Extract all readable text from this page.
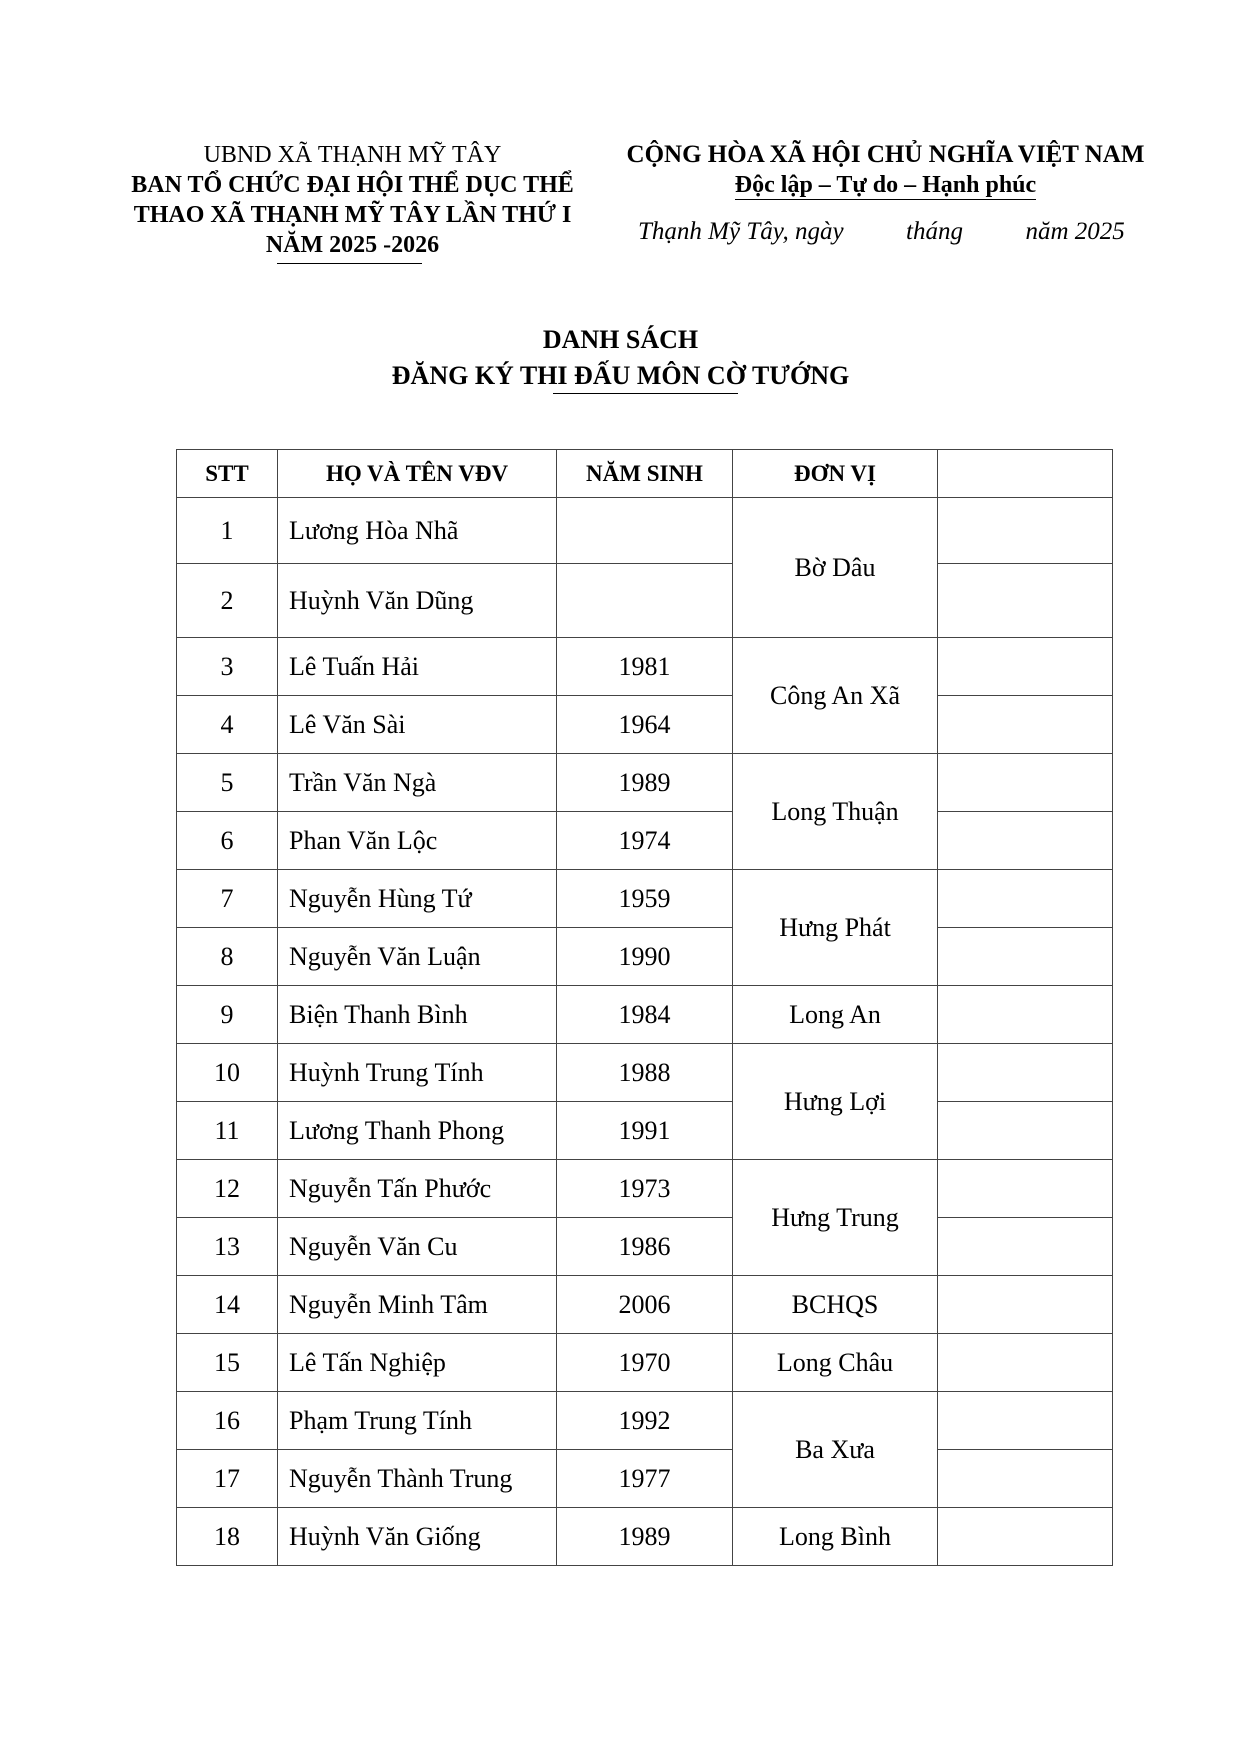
UBND XÃ THẠNH MỸ TÂY
BAN TỔ CHỨC ĐẠI HỘI THỂ DỤC THỂ
THAO XÃ THẠNH MỸ TÂY LẦN THỨ I
NĂM 2025 -2026
CỘNG HÒA XÃ HỘI CHỦ NGHĨA VIỆT NAM
Độc lập – Tự do – Hạnh phúc
Thạnh Mỹ Tây, ngày	tháng	năm 2025
DANH SÁCH
ĐĂNG KÝ THI ĐẤU MÔN CỜ TƯỚNG
STT	HỌ VÀ TÊN VĐV	NĂM SINH	ĐƠN VỊ	
1	Lương Hòa Nhã		Bờ Dâu	
2	Huỳnh Văn Dũng			
3	Lê Tuấn Hải	1981	Công An Xã	
4	Lê Văn Sài	1964		
5	Trần Văn Ngà	1989	Long Thuận	
6	Phan Văn Lộc	1974		
7	Nguyễn Hùng Tứ	1959	Hưng Phát	
8	Nguyễn Văn Luận	1990		
9	Biện Thanh Bình	1984	Long An	
10	Huỳnh Trung Tính	1988	Hưng Lợi	
11	Lương Thanh Phong	1991		
12	Nguyễn Tấn Phước	1973	Hưng Trung	
13	Nguyễn Văn Cu	1986		
14	Nguyễn Minh Tâm	2006	BCHQS	
15	Lê Tấn Nghiệp	1970	Long Châu	
16	Phạm Trung Tính	1992	Ba Xưa	
17	Nguyễn Thành Trung	1977		
18	Huỳnh Văn Giống	1989	Long Bình	
